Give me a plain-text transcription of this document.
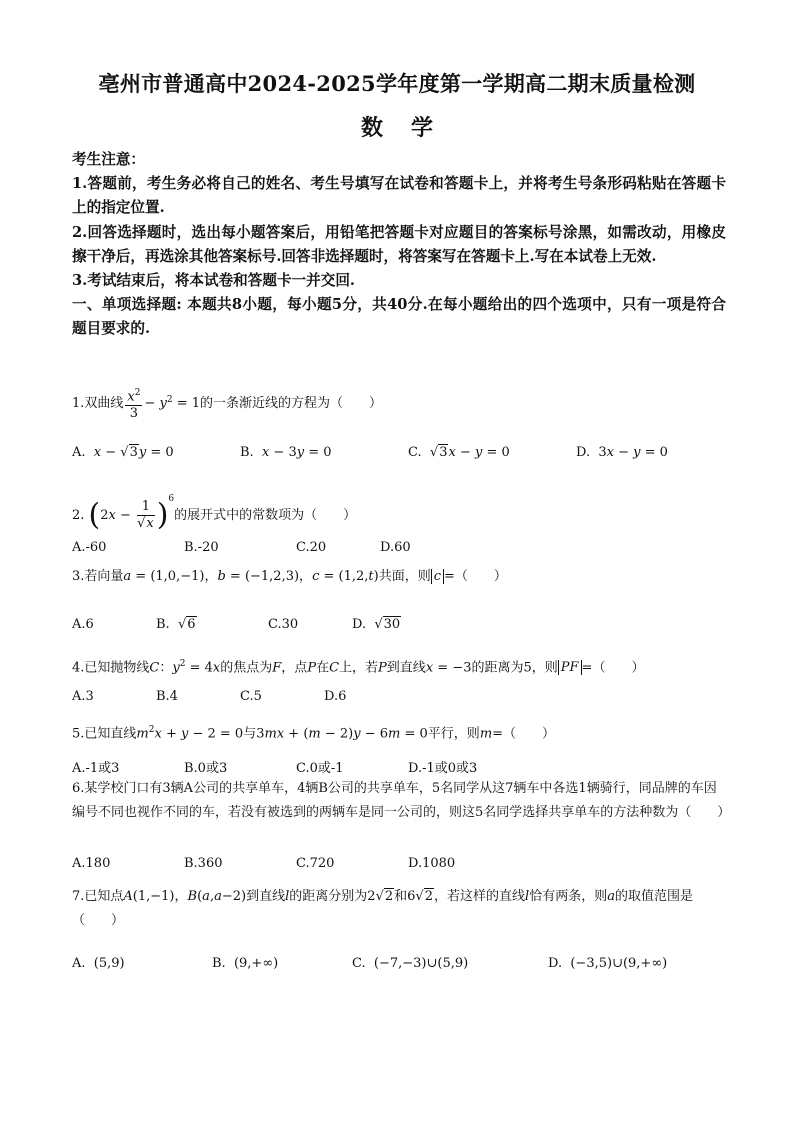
亳州市普通高中2024-2025学年度第一学期高二期末质量检测
数 学

考生注意：

1.答题前，考生务必将自己的姓名、考生号填写在试卷和答题卡上，并将考生号条形码粘贴在答题卡上的指定位置.

2.回答选择题时，选出每小题答案后，用铅笔把答题卡对应题目的答案标号涂黑，如需改动，用橡皮擦干净后，再选涂其他答案标号.回答非选择题时，将答案写在答题卡上.写在本试卷上无效.

3.考试结束后，将本试卷和答题卡一并交回.

一、单项选择题: 本题共8小题，每小题5分，共40分.在每小题给出的四个选项中，只有一项是符合题目要求的.

1.双曲线 $\frac{x^2}{3} - y^2 = 1$的一条渐近线的方程为（　　）
A. x − √3y = 0	B. x − 3y = 0	C.  √3x − y = 0	D.  3x − y = 0
2. $(2x - \frac{1}{√x} )^6$的展开式中的常数项为（　　）
A.-60	B.-20	C.20	D.60
3.若向量a = (1,0,−1)，b = (−1,2,3)，c = (1,2,t)共面，则 c =（　　）
A.6	B.  √6	C.30	D.  √30
4.已知抛物线C：$y^2 = 4x$的焦点为F，点P在C上，若P到直线x = −3的距离为5，则 PF =（　　）
A.3	B.4	C.5	D.6
5.已知直线$m^2x + y - 2 = 0$与3mx + (m − 2)y − 6m = 0平行，则m=（　　）
A.-1或3	B.0或3	C.0或-1	D.-1或0或3
6.某学校门口有3辆A公司的共享单车，4辆B公司的共享单车，5名同学从这7辆车中各选1辆骑行，同品牌的车因编号不同也视作不同的车，若没有被选到的两辆车是同一公司的，则这5名同学选择共享单车的方法种数为（　　）
A.180	B.360	C.720	D.1080
7.已知点A(1,−1)，B(a,a−2)到直线l的距离分别为2√2和6√2，若这样的直线l恰有两条，则a的取值范围是（　　）
A.  (5,9)	B.  (9,+∞)	C.  (−7,−3)∪(5,9)	D.  (−3,5)∪(9,+∞)
